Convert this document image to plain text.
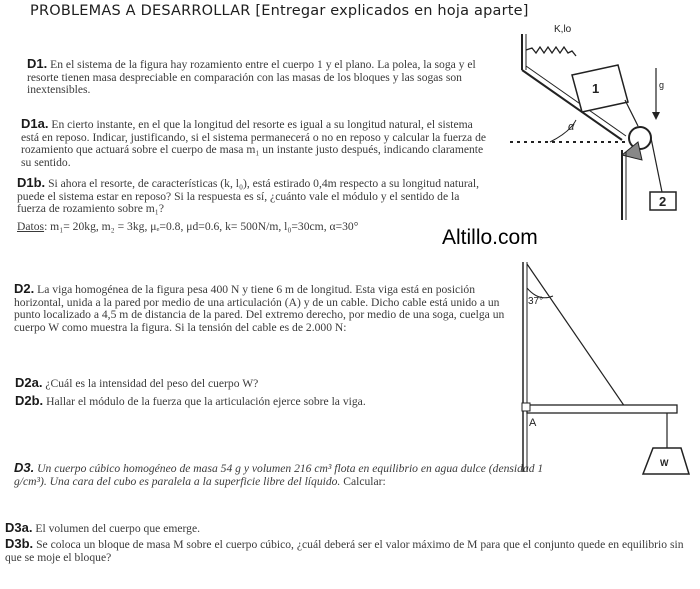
PROBLEMAS A DESARROLLAR [Entregar explicados en hoja aparte]
D1. En el sistema de la figura hay rozamiento entre el cuerpo 1 y el plano. La polea, la soga y el resorte tienen masa despreciable en comparación con las masas de los bloques y las sogas son inextensibles.
D1a. En cierto instante, en el que la longitud del resorte es igual a su longitud natural, el sistema está en reposo. Indicar, justificando, si el sistema permanecerá o no en reposo y calcular la fuerza de rozamiento que actuará sobre el cuerpo de masa m₁ un instante justo después, indicando claramente su sentido.
D1b. Si ahora el resorte, de características (k, l₀), está estirado 0,4m respecto a su longitud natural, puede el sistema estar en reposo? Si la respuesta es sí, ¿cuánto vale el módulo y el sentido de la fuerza de rozamiento sobre m₁?
Datos: m₁= 20kg, m₂ = 3kg, μₑ=0.8, μd=0.6, k= 500N/m, l₀=30cm, α=30°	Altillo.com
D2. La viga homogénea de la figura pesa 400 N y tiene 6 m de longitud. Esta viga está en posición horizontal, unida a la pared por medio de una articulación (A) y de un cable. Dicho cable está unido a un punto localizado a 4,5 m de distancia de la pared. Del extremo derecho, por medio de una soga, cuelga un cuerpo W como muestra la figura. Si la tensión del cable es de 2.000 N:
D2a. ¿Cuál es la intensidad del peso del cuerpo W?
D2b. Hallar el módulo de la fuerza que la articulación ejerce sobre la viga.
D3. Un cuerpo cúbico homogéneo de masa 54 g y volumen 216 cm³ flota en equilibrio en agua dulce (densidad 1 g/cm³). Una cara del cubo es paralela a la superficie libre del líquido. Calcular:
D3a. El volumen del cuerpo que emerge.
D3b. Se coloca un bloque de masa M sobre el cuerpo cúbico, ¿cuál deberá ser el valor máximo de M para que el conjunto quede en equilibrio sin que se moje el bloque?
K,lo
1
α
2
g
37°
A
W
